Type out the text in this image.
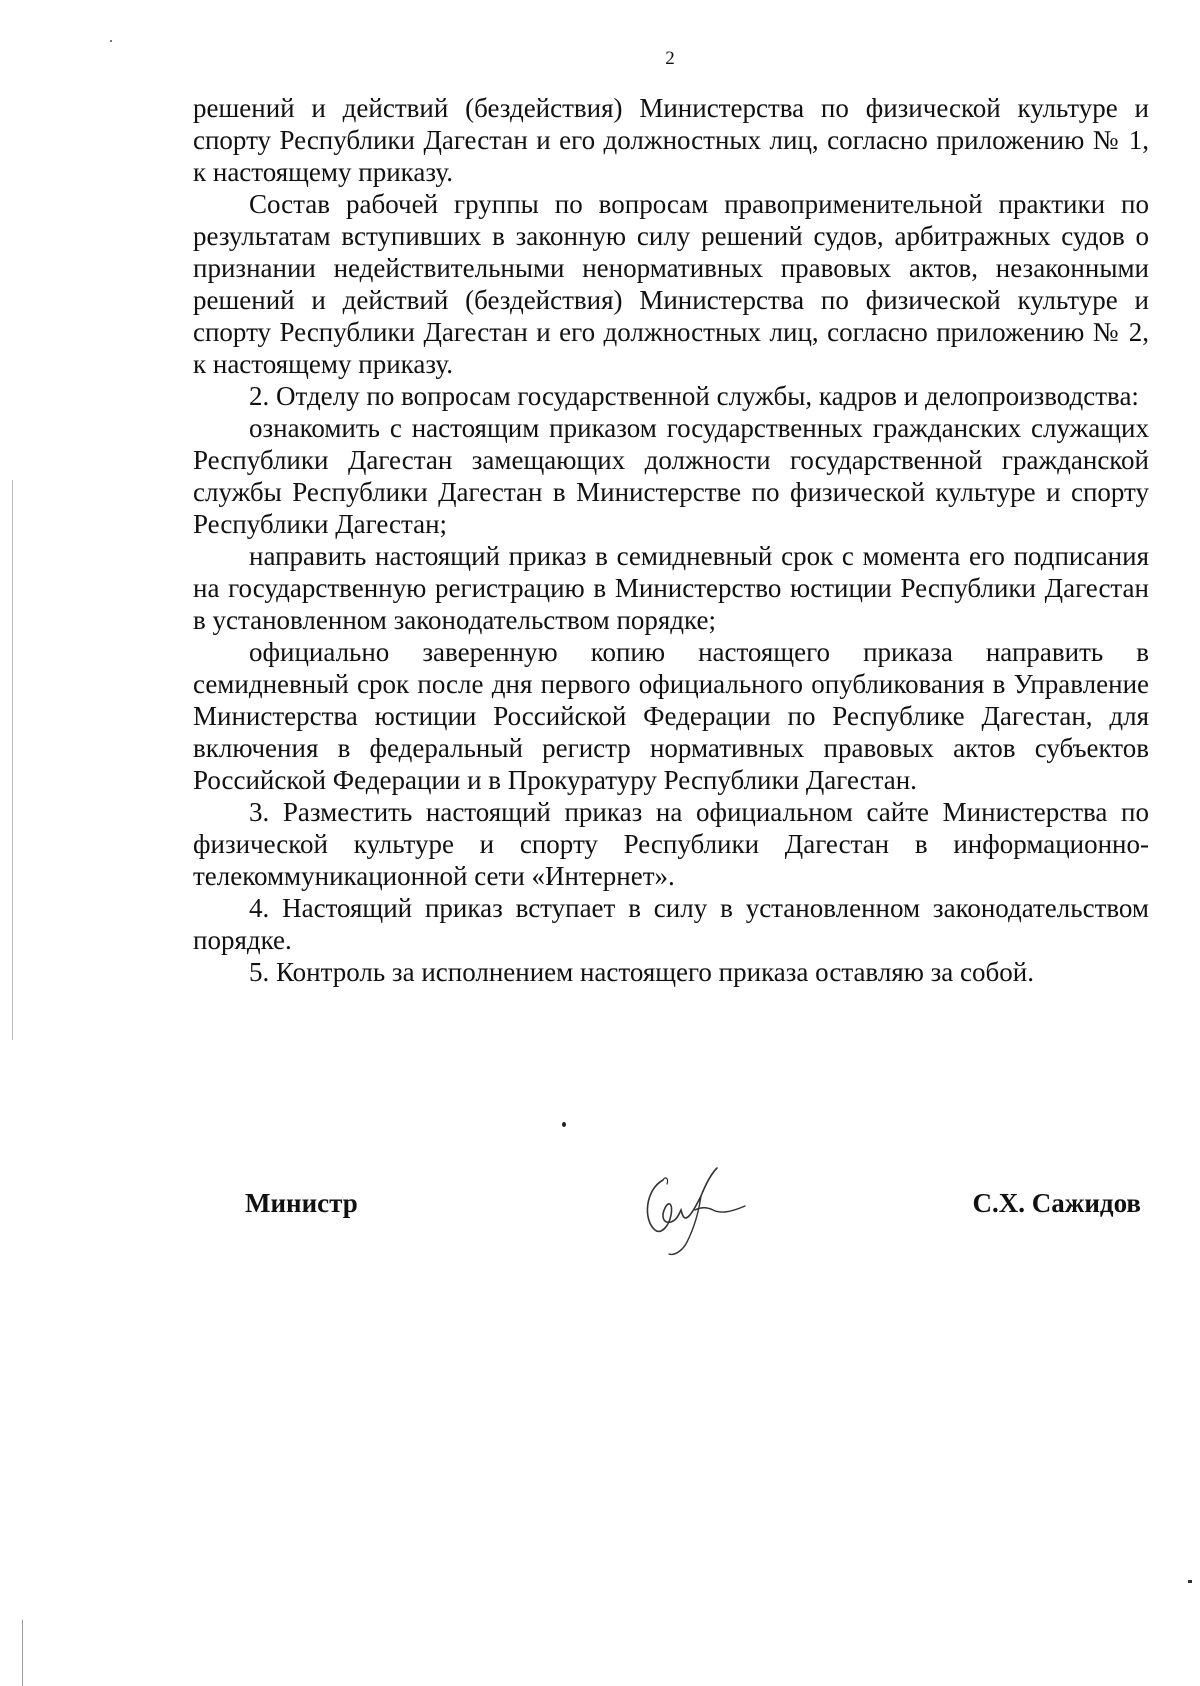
2

решений и действий (бездействия) Министерства по физической культуре и спорту Республики Дагестан и его должностных лиц, согласно приложению № 1, к настоящему приказу.

Состав рабочей группы по вопросам правоприменительной практики по результатам вступивших в законную силу решений судов, арбитражных судов о признании недействительными ненормативных правовых актов, незаконными решений и действий (бездействия) Министерства по физической культуре и спорту Республики Дагестан и его должностных лиц, согласно приложению № 2, к настоящему приказу.

2. Отделу по вопросам государственной службы, кадров и делопроизводства:

ознакомить с настоящим приказом государственных гражданских служащих Республики Дагестан замещающих должности государственной гражданской службы Республики Дагестан в Министерстве по физической культуре и спорту Республики Дагестан;

направить настоящий приказ в семидневный срок с момента его подписания на государственную регистрацию в Министерство юстиции Республики Дагестан в установленном законодательством порядке;

официально заверенную копию настоящего приказа направить в семидневный срок после дня первого официального опубликования в Управление Министерства юстиции Российской Федерации по Республике Дагестан, для включения в федеральный регистр нормативных правовых актов субъектов Российской Федерации и в Прокуратуру Республики Дагестан.

3. Разместить настоящий приказ на официальном сайте Министерства по физической культуре и спорту Республики Дагестан в информационно-телекоммуникационной сети «Интернет».

4. Настоящий приказ вступает в силу в установленном законодательством порядке.

5. Контроль за исполнением настоящего приказа оставляю за собой.

Министр	С.Х. Сажидов
